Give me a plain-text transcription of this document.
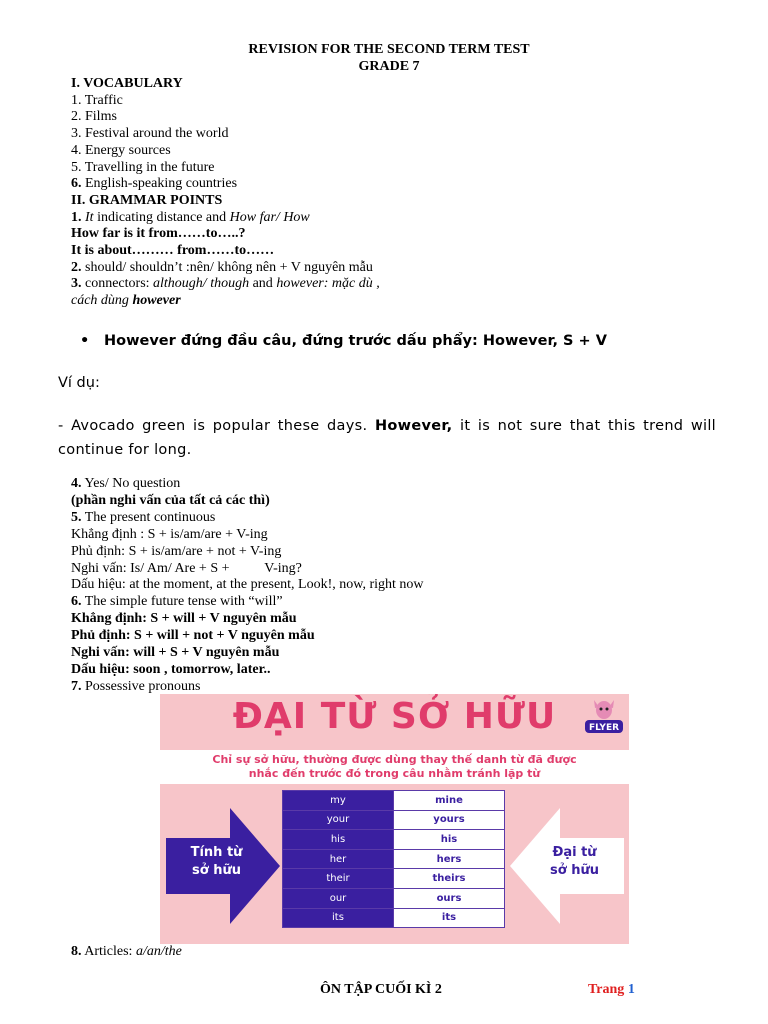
REVISION FOR THE SECOND TERM TEST
GRADE 7
I. VOCABULARY
1. Traffic
2. Films
3. Festival around the world
4. Energy sources
5. Travelling in the future
6. English-speaking countries
II. GRAMMAR POINTS
1. It indicating distance and How far/ How
How far is it from……to…..?
It is about……… from……to……
2. should/ shouldn’t :nên/ không nên + V nguyên mẫu
3. connectors: although/ though and however: mặc dù ,
cách dùng however
• However đứng đầu câu, đứng trước dấu phẩy: However, S + V
Ví dụ:
- Avocado green is popular these days. However, it is not sure that this trend will continue for long.
4. Yes/ No question
(phần nghi vấn của tất cả các thì)
5. The present continuous
Khẳng định : S + is/am/are + V-ing
Phủ định: S + is/am/are + not + V-ing
Nghi vấn: Is/ Am/ Are + S +          V-ing?
Dấu hiệu: at the moment, at the present, Look!, now, right now
6. The simple future tense with “will”
Khẳng định: S + will + V nguyên mẫu
Phủ định: S + will + not + V nguyên mẫu
Nghi vấn: will + S + V nguyên mẫu
Dấu hiệu: soon , tomorrow, later..
7. Possessive pronouns
ĐẠI TỪ SỞ HỮU	FLYER
Chỉ sự sở hữu, thường được dùng thay thế danh từ đã được
nhắc đến trước đó trong câu nhằm tránh lặp từ
Tính từ
sở hữu
Đại từ
sở hữu
my	mine
your	yours
his	his
her	hers
their	theirs
our	ours
its	its
8. Articles: a/an/the
ÔN TẬP CUỐI KÌ 2	Trang 1
